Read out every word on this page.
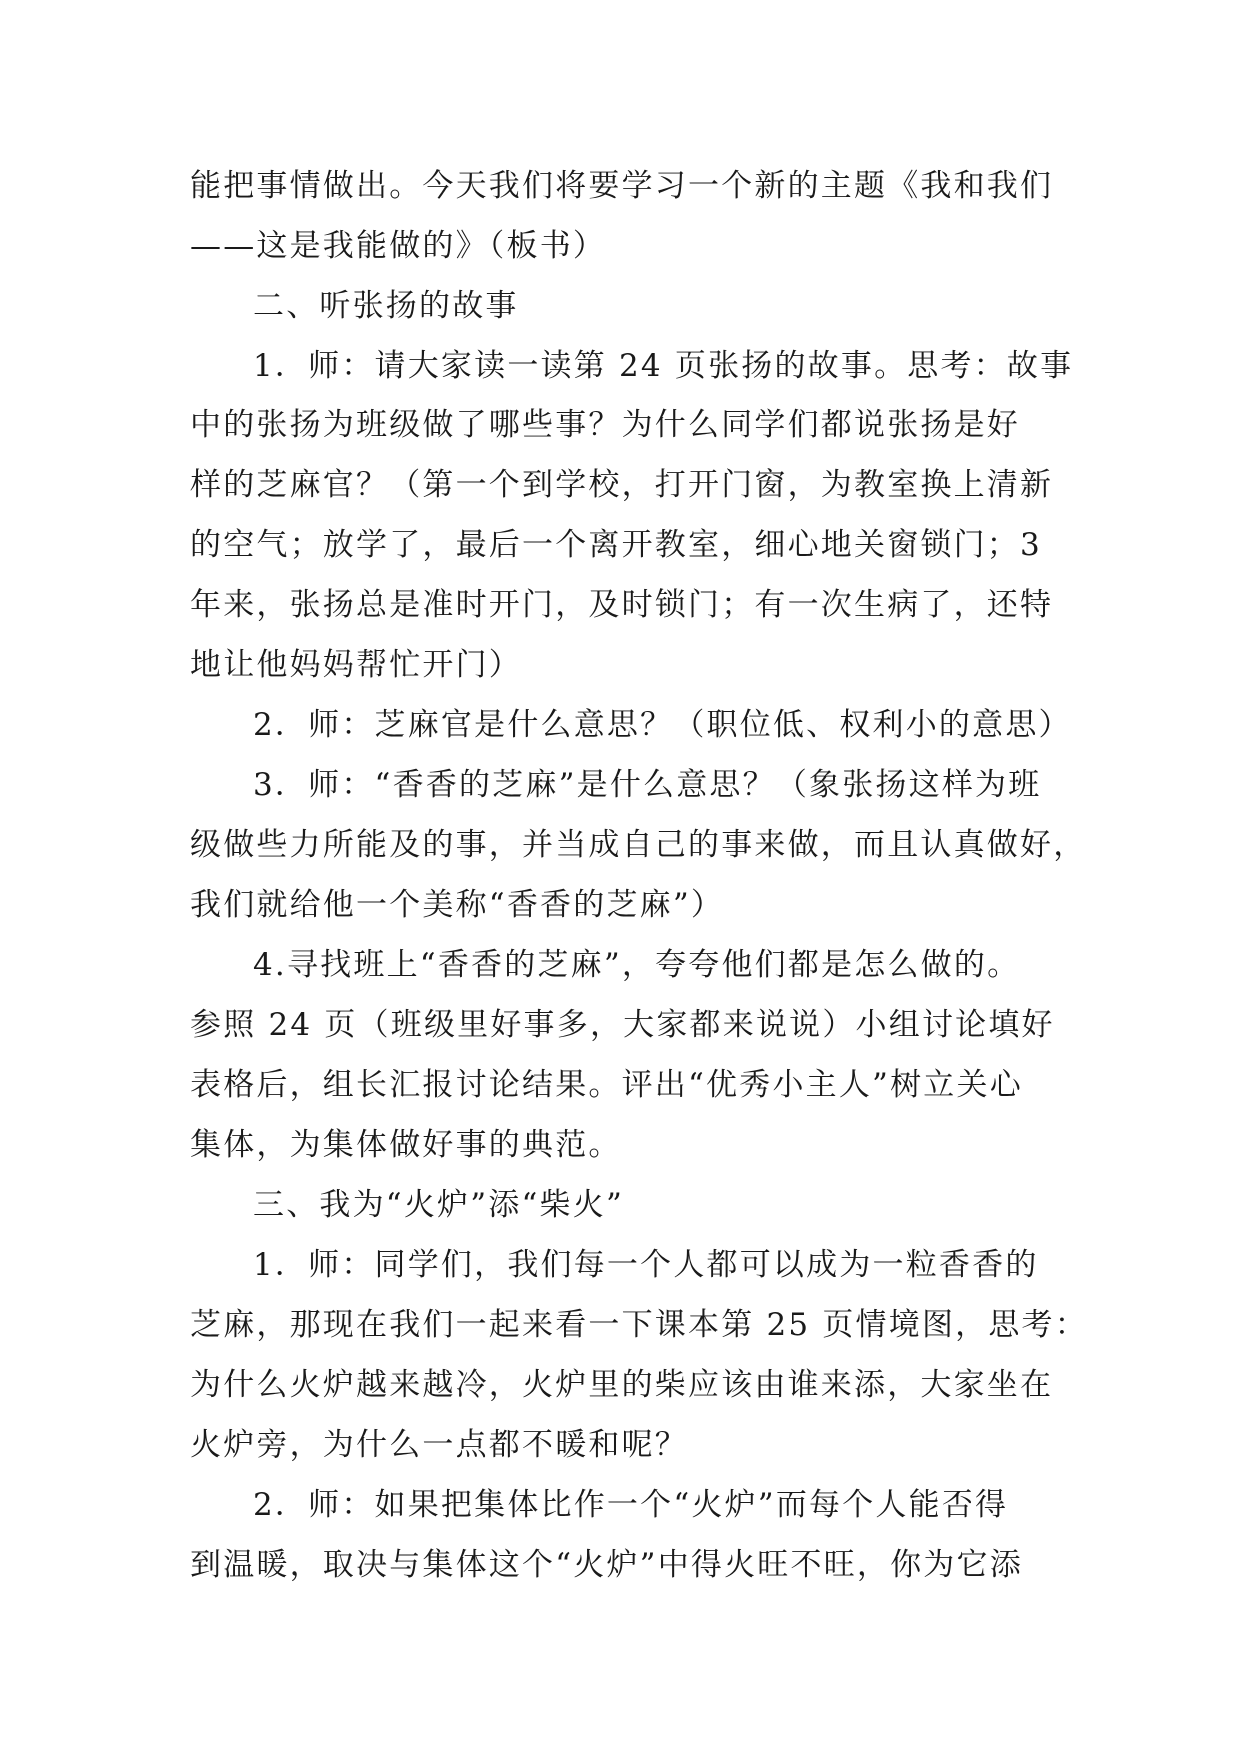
能把事情做出。今天我们将要学习一个新的主题《我和我们
——这是我能做的》（板书）
二、听张扬的故事
1．师：请大家读一读第 24 页张扬的故事。思考：故事
中的张扬为班级做了哪些事？为什么同学们都说张扬是好
样的芝麻官？（第一个到学校，打开门窗，为教室换上清新
的空气；放学了，最后一个离开教室，细心地关窗锁门；3
年来，张扬总是准时开门，及时锁门；有一次生病了，还特
地让他妈妈帮忙开门）
2．师：芝麻官是什么意思？（职位低、权利小的意思）
3．师：“香香的芝麻”是什么意思？（象张扬这样为班
级做些力所能及的事，并当成自己的事来做，而且认真做好，
我们就给他一个美称“香香的芝麻”）
4.寻找班上“香香的芝麻”，夸夸他们都是怎么做的。
参照 24 页（班级里好事多，大家都来说说）小组讨论填好
表格后，组长汇报讨论结果。评出“优秀小主人”树立关心
集体，为集体做好事的典范。
三、我为“火炉”添“柴火”
1．师：同学们，我们每一个人都可以成为一粒香香的
芝麻，那现在我们一起来看一下课本第 25 页情境图，思考：
为什么火炉越来越冷，火炉里的柴应该由谁来添，大家坐在
火炉旁，为什么一点都不暖和呢？
2．师：如果把集体比作一个“火炉”而每个人能否得
到温暖，取决与集体这个“火炉”中得火旺不旺，你为它添
